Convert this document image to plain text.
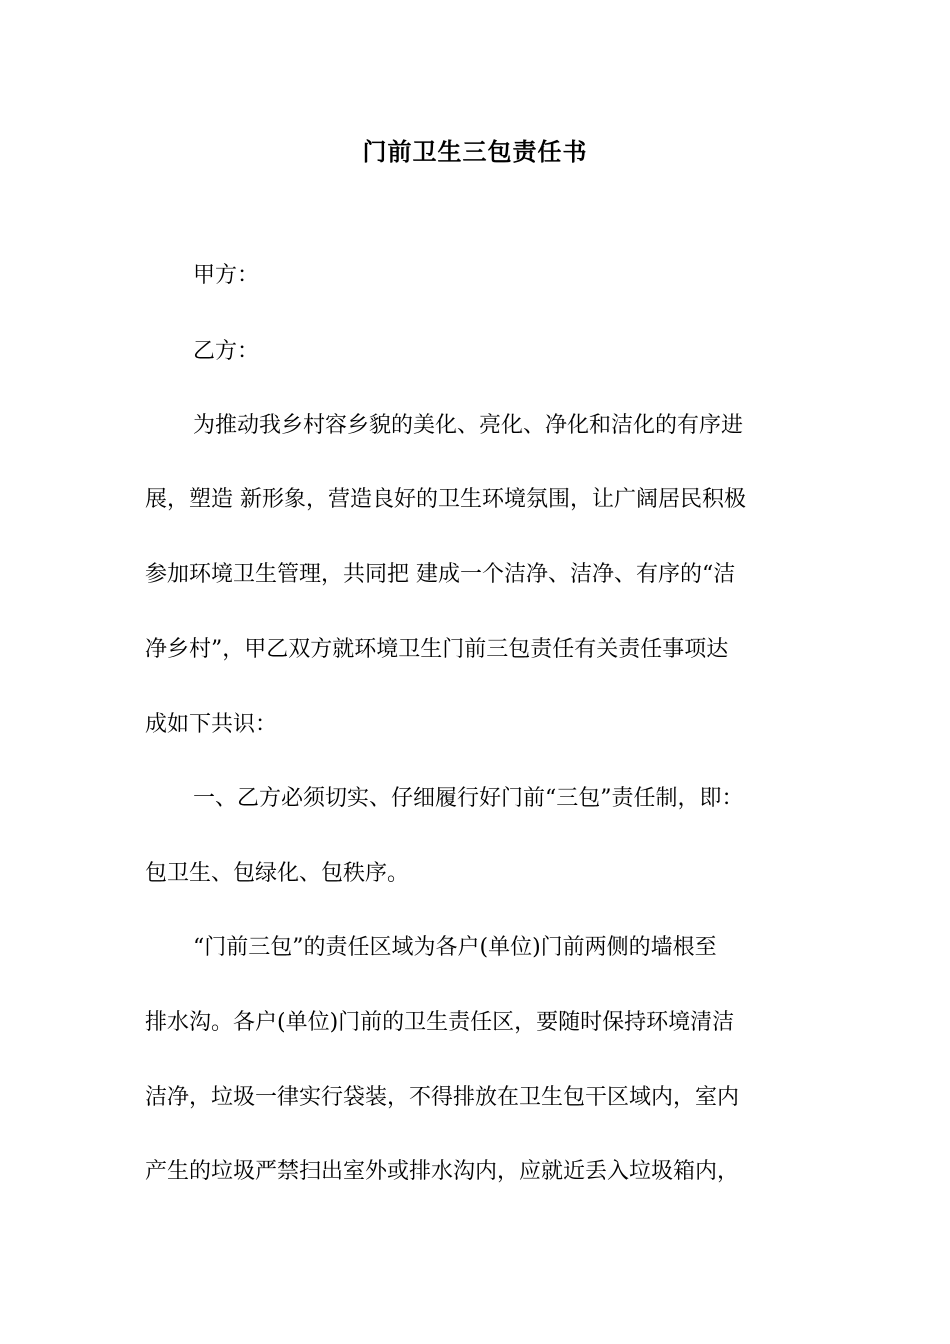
门前卫生三包责任书
甲方：
乙方：
为推动我乡村容乡貌的美化、亮化、净化和洁化的有序进
展，塑造 新形象，营造良好的卫生环境氛围，让广阔居民积极
参加环境卫生管理，共同把 建成一个洁净、洁净、有序的“洁
净乡村”，甲乙双方就环境卫生门前三包责任有关责任事项达
成如下共识：
一、乙方必须切实、仔细履行好门前“三包”责任制，即：
包卫生、包绿化、包秩序。
“门前三包”的责任区域为各户(单位)门前两侧的墙根至
排水沟。各户(单位)门前的卫生责任区，要随时保持环境清洁
洁净，垃圾一律实行袋装，不得排放在卫生包干区域内，室内
产生的垃圾严禁扫出室外或排水沟内，应就近丢入垃圾箱内，
